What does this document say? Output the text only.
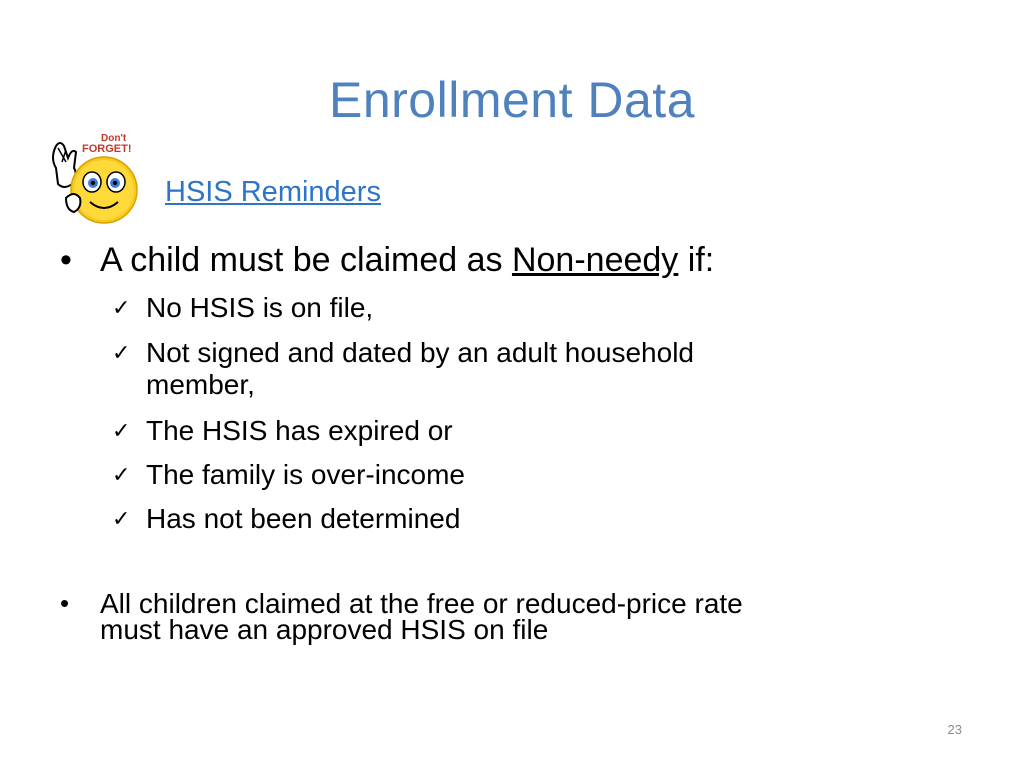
Enrollment Data
Don't
FORGET!
HSIS Reminders
• A child must be claimed as Non-needy if:
✓ No HSIS is on file,
✓ Not signed and dated by an adult household
member,
✓ The HSIS has expired or
✓ The family is over-income
✓ Has not been determined
• All children claimed at the free or reduced-price rate
must have an approved HSIS on file
23
